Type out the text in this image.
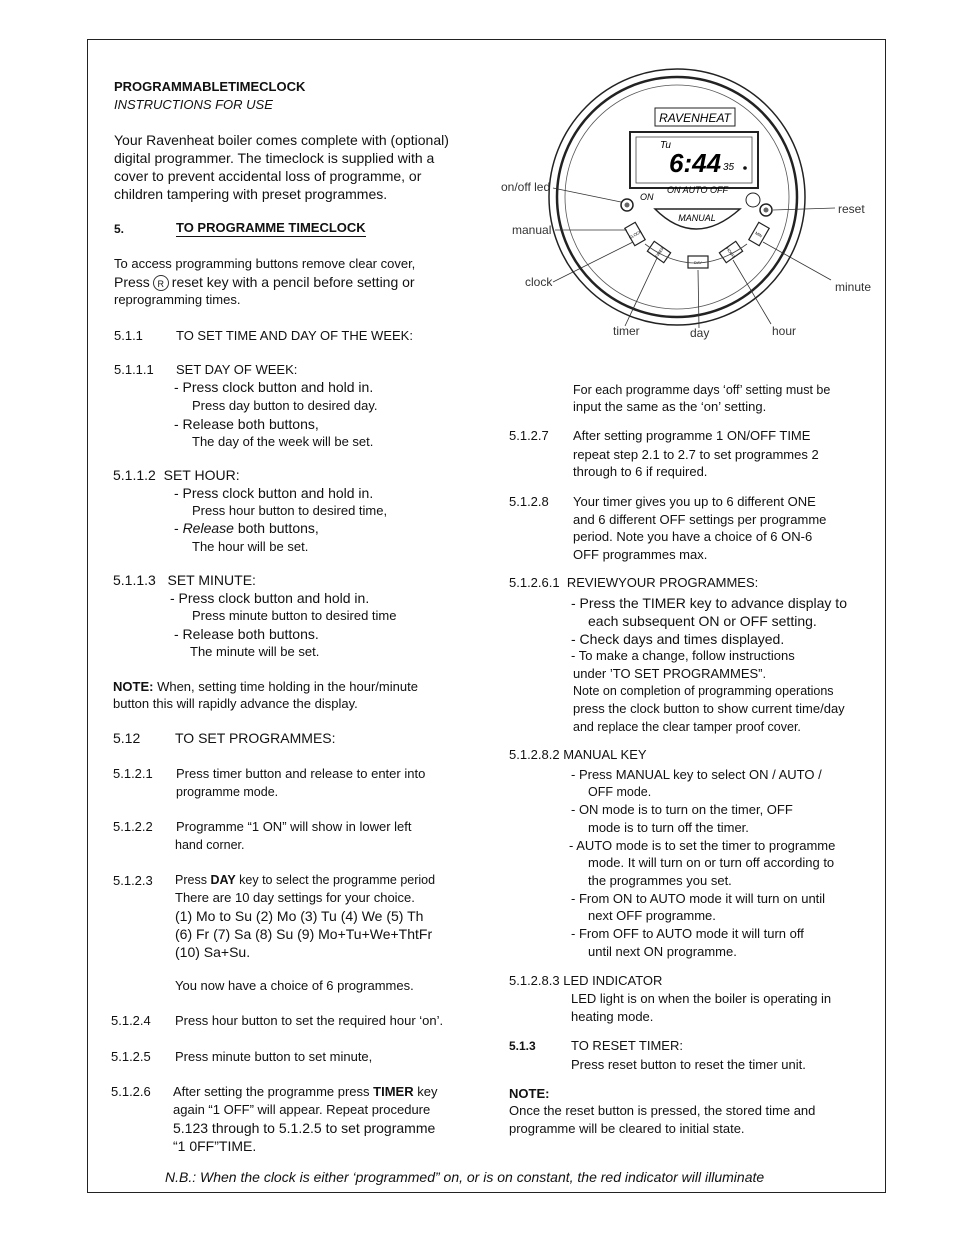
PROGRAMMABLETIMECLOCK
INSTRUCTIONS FOR USE
Your Ravenheat boiler comes complete with (optional)
digital programmer. The timeclock is supplied with a
cover to prevent accidental loss of programme, or
children tampering with preset programmes.
5.	TO PROGRAMME TIMECLOCK
To access programming buttons remove clear cover,
Press R reset key with a pencil before setting or
reprogramming times.
5.1.1	TO SET TIME AND DAY OF THE WEEK:
5.1.1.1 SET DAY OF WEEK:
- Press clock button and hold in.
Press day button to desired day.
- Release both buttons,
The day of the week will be set.
5.1.1.2 SET HOUR:
- Press clock button and hold in.
Press hour button to desired time,
- Release both buttons,
The hour will be set.
5.1.1.3 SET MINUTE:
- Press clock button and hold in.
Press minute button to desired time
- Release both buttons.
The minute will be set.
NOTE: When, setting time holding in the hour/minute
button this will rapidly advance the display.
5.12 TO SET PROGRAMMES:
5.1.2.1 Press timer button and release to enter into
programme mode.
5.1.2.2 Programme “1 ON” will show in lower left
hand corner.
5.1.2.3 Press DAY key to select the programme period
There are 10 day settings for your choice.
(1) Mo to Su (2) Mo (3) Tu (4) We (5) Th
(6) Fr (7) Sa (8) Su (9) Mo+Tu+We+ThtFr
(10) Sa+Su.
You now have a choice of 6 programmes.
5.1.2.4 Press hour button to set the required hour ‘on’.
5.1.2.5 Press minute button to set minute,
5.1.2.6 After setting the programme press TIMER key
again “1 OFF” will appear. Repeat procedure
5.123 through to 5.1.2.5 to set programme
“1 0FF”TIME.
RAVENHEAT
Tu
6:44 35
ON
ON AUTO OFF
MANUAL
CLOCK
TIMER
DAY
HOUR
MIN
on/off led
manual
clock
timer	day	hour
minute
reset
For each programme days ‘off’ setting must be
input the same as the ‘on’ setting.
5.1.2.7 After setting programme 1 ON/OFF TIME
repeat step 2.1 to 2.7 to set programmes 2
through to 6 if required.
5.1.2.8 Your timer gives you up to 6 different ONE
and 6 different OFF settings per programme
period. Note you have a choice of 6 ON-6
OFF programmes max.
5.1.2.6.1 REVIEWYOUR PROGRAMMES:
- Press the TIMER key to advance display to
each subsequent ON or OFF setting.
- Check days and times displayed.
- To make a change, follow instructions
under ’TO SET PROGRAMMES”.
Note on completion of programming operations
press the clock button to show current time/day
and replace the clear tamper proof cover.
5.1.2.8.2 MANUAL KEY
- Press MANUAL key to select ON / AUTO /
OFF mode.
- ON mode is to turn on the timer, OFF
mode is to turn off the timer.
- AUTO mode is to set the timer to programme
mode. It will turn on or turn off according to
the programmes you set.
- From ON to AUTO mode it will turn on until
next OFF programme.
- From OFF to AUTO mode it will turn off
until next ON programme.
5.1.2.8.3 LED INDICATOR
LED light is on when the boiler is operating in
heating mode.
5.1.3	TO RESET TIMER:
Press reset button to reset the timer unit.
NOTE:
Once the reset button is pressed, the stored time and
programme will be cleared to initial state.
N.B.: When the clock is either ‘programmed” on, or is on constant, the red indicator will illuminate
